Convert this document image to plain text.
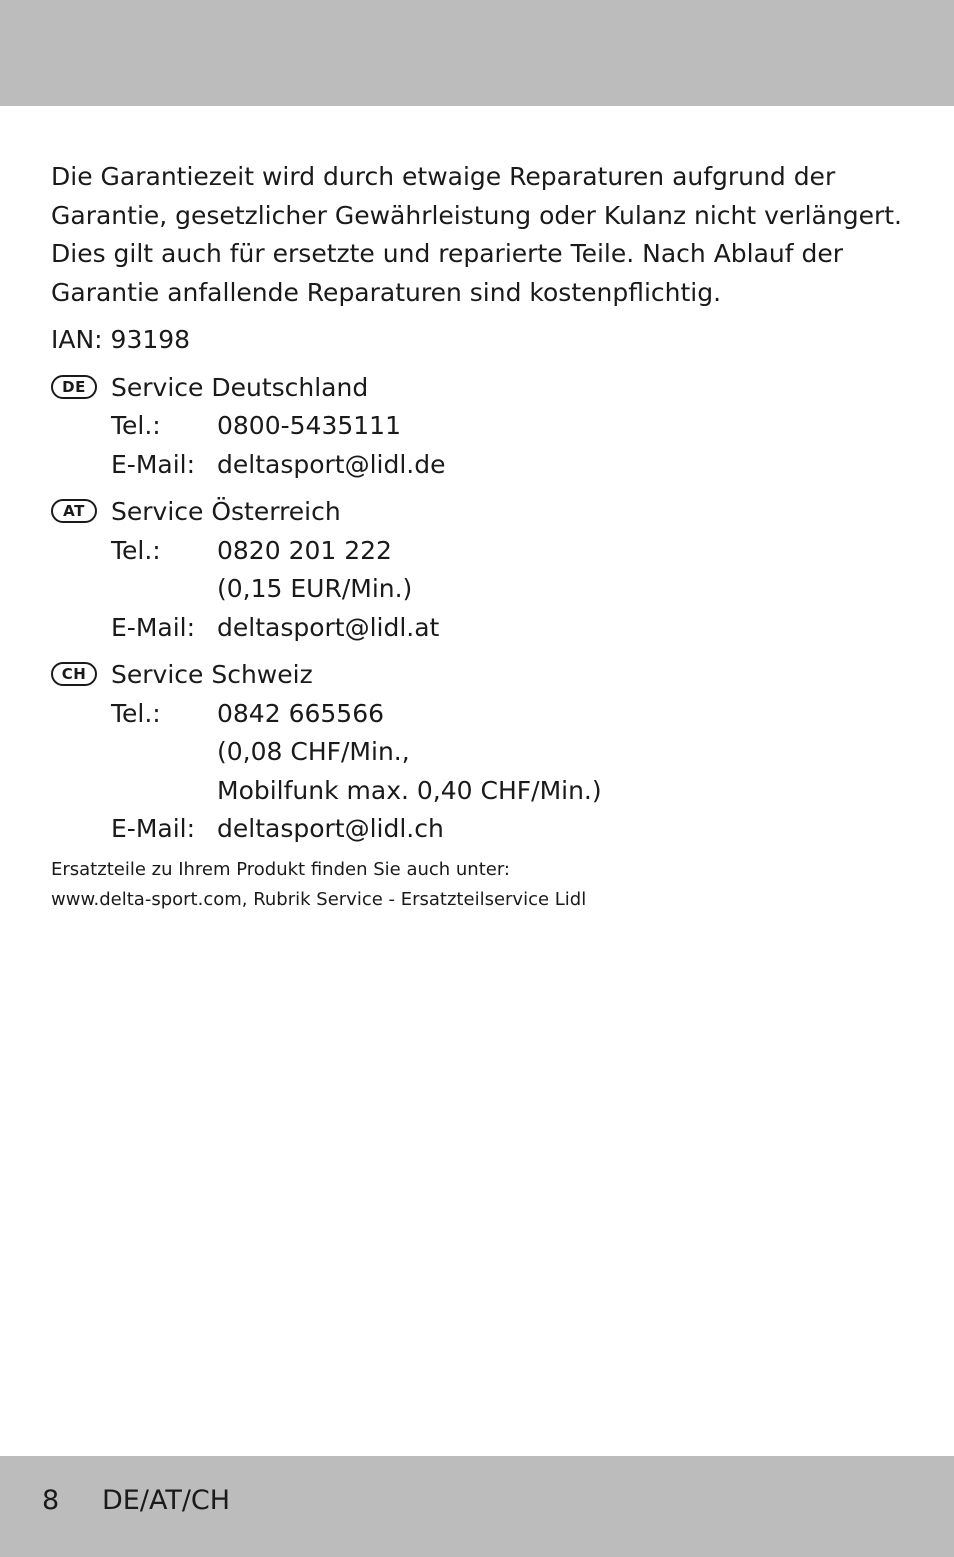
Die Garantiezeit wird durch etwaige Reparaturen aufgrund der
Garantie, gesetzlicher Gewährleistung oder Kulanz nicht verlängert.
Dies gilt auch für ersetzte und reparierte Teile. Nach Ablauf der
Garantie anfallende Reparaturen sind kostenpflichtig.

IAN: 93198
DE	Service Deutschland
Tel.:	0800-5435111
E-Mail: deltasport@lidl.de
AT	Service Österreich
Tel.:	0820 201 222
(0,15 EUR/Min.)
E-Mail: deltasport@lidl.at
CH Service Schweiz
Tel.:	0842 665566
(0,08 CHF/Min.,
Mobilfunk max. 0,40 CHF/Min.)
E-Mail: deltasport@lidl.ch
Ersatzteile zu Ihrem Produkt finden Sie auch unter:
www.delta-sport.com, Rubrik Service - Ersatzteilservice Lidl
8 DE/AT/CH
